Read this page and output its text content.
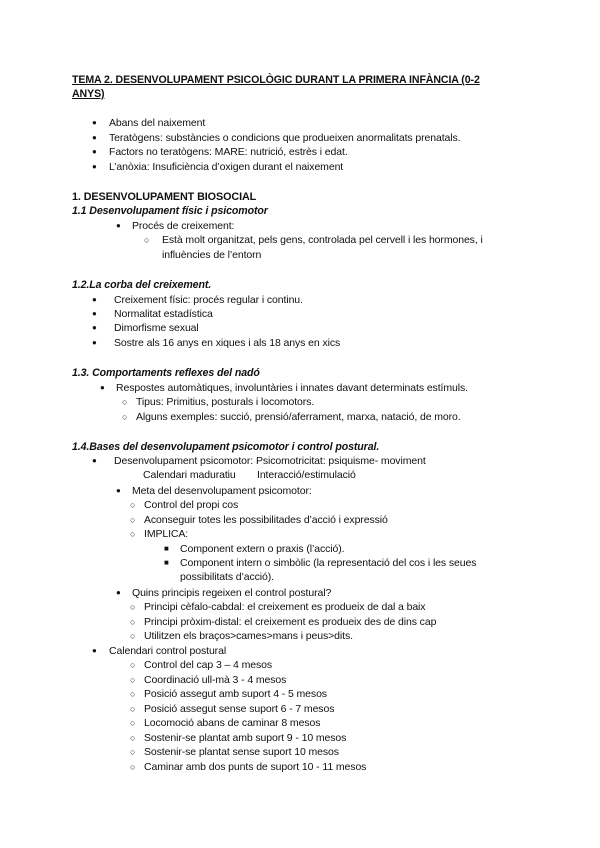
TEMA 2. DESENVOLUPAMENT PSICOLÒGIC DURANT LA PRIMERA INFÀNCIA (0-2
ANYS)
● Abans del naixement
● Teratògens: substàncies o condicions que produeixen anormalitats prenatals.
● Factors no teratògens: MARE: nutrició, estrès i edat.
● L’anòxia: Insuficiència d’oxigen durant el naixement
1. DESENVOLUPAMENT BIOSOCIAL
1.1 Desenvolupament físic i psicomotor
● Procés de creixement:
○ Està molt organitzat, pels gens, controlada pel cervell i les hormones, i
influències de l’entorn
1.2.La corba del creixement.
● Creixement físic: procés regular i continu.
● Normalitat estadística
● Dimorfisme sexual
● Sostre als 16 anys en xiques i als 18 anys en xics
1.3. Comportaments reflexes del nadó
● Respostes automàtiques, involuntàries i innates davant determinats estímuls.
○ Tipus: Primitius, posturals i locomotors.
○ Alguns exemples: succió, prensió/aferrament, marxa, natació, de moro.
1.4.Bases del desenvolupament psicomotor i control postural.
● Desenvolupament psicomotor: Psicomotricitat: psiquisme- moviment
Calendari maduratiu Interacció/estimulació
● Meta del desenvolupament psicomotor:
○ Control del propi cos
○ Aconseguir totes les possibilitades d’acció i expressió
○ IMPLICA:
■ Component extern o praxis (l’acció).
■ Component intern o simbòlic (la representació del cos i les seues
possibilitats d’acció).
● Quins principis regeixen el control postural?
○ Principi cèfalo-cabdal: el creixement es produeix de dal a baix
○ Principi pròxim-distal: el creixement es produeix des de dins cap
○ Utilitzen els braços>cames>mans i peus>dits.
● Calendari control postural
○ Control del cap 3 – 4 mesos
○ Coordinació ull-mà 3 - 4 mesos
○ Posició assegut amb suport 4 - 5 mesos
○ Posició assegut sense suport 6 - 7 mesos
○ Locomoció abans de caminar 8 mesos
○ Sostenir-se plantat amb suport 9 - 10 mesos
○ Sostenir-se plantat sense suport 10 mesos
○ Caminar amb dos punts de suport 10 - 11 mesos
